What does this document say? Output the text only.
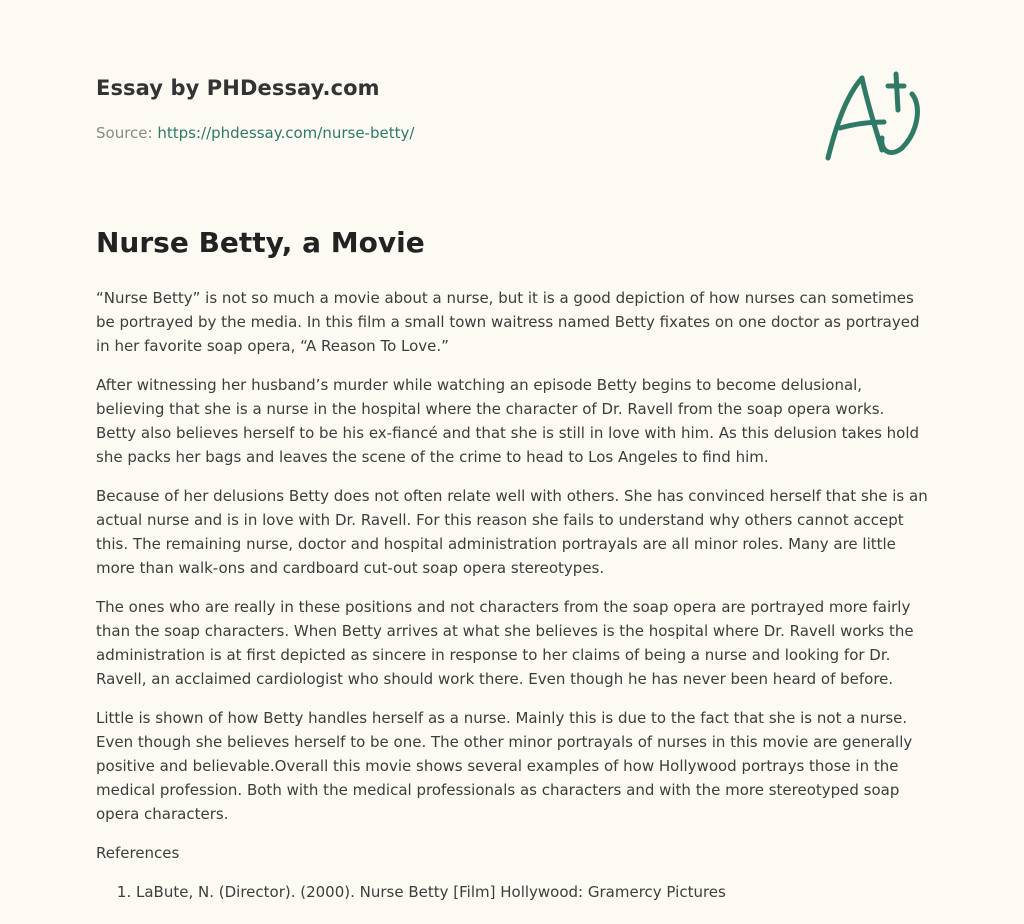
Essay by PHDessay.com
Source: https://phdessay.com/nurse-betty/
Nurse Betty, a Movie

“Nurse Betty” is not so much a movie about a nurse, but it is a good depiction of how nurses can sometimes be portrayed by the media. In this film a small town waitress named Betty fixates on one doctor as portrayed in her favorite soap opera, “A Reason To Love.”

After witnessing her husband’s murder while watching an episode Betty begins to become delusional, believing that she is a nurse in the hospital where the character of Dr. Ravell from the soap opera works. Betty also believes herself to be his ex-fiancé and that she is still in love with him. As this delusion takes hold she packs her bags and leaves the scene of the crime to head to Los Angeles to find him.

Because of her delusions Betty does not often relate well with others. She has convinced herself that she is an actual nurse and is in love with Dr. Ravell. For this reason she fails to understand why others cannot accept this. The remaining nurse, doctor and hospital administration portrayals are all minor roles. Many are little more than walk-ons and cardboard cut-out soap opera stereotypes.

The ones who are really in these positions and not characters from the soap opera are portrayed more fairly than the soap characters. When Betty arrives at what she believes is the hospital where Dr. Ravell works the administration is at first depicted as sincere in response to her claims of being a nurse and looking for Dr. Ravell, an acclaimed cardiologist who should work there. Even though he has never been heard of before.

Little is shown of how Betty handles herself as a nurse. Mainly this is due to the fact that she is not a nurse. Even though she believes herself to be one. The other minor portrayals of nurses in this movie are generally positive and believable.Overall this movie shows several examples of how Hollywood portrays those in the medical profession. Both with the medical professionals as characters and with the more stereotyped soap opera characters.

References
1. LaBute, N. (Director). (2000). Nurse Betty [Film] Hollywood: Gramercy Pictures
